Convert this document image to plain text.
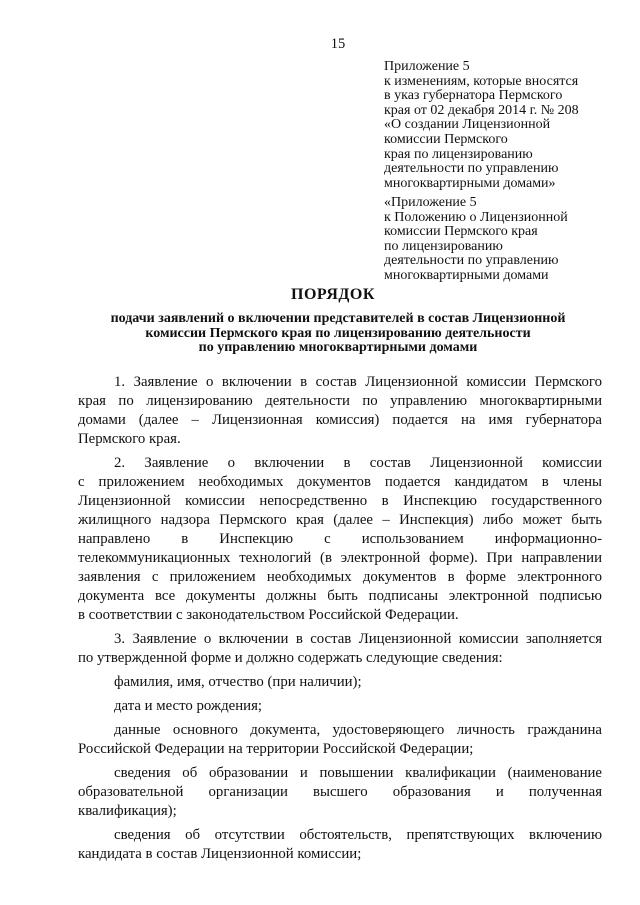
15
Приложение 5
к изменениям, которые вносятся
в указ губернатора Пермского
края от 02 декабря 2014 г. № 208
«О создании Лицензионной
комиссии Пермского
края по лицензированию
деятельности по управлению
многоквартирными домами»
«Приложение 5
к Положению о Лицензионной
комиссии Пермского края
по лицензированию
деятельности по управлению
многоквартирными домами
ПОРЯДОК
подачи заявлений о включении представителей в состав Лицензионной
комиссии Пермского края по лицензированию деятельности
по управлению многоквартирными домами
1. Заявление о включении в состав Лицензионной комиссии Пермского
края по лицензированию деятельности по управлению многоквартирными
домами (далее – Лицензионная комиссия) подается на имя губернатора
Пермского края.
2. Заявление о включении в состав Лицензионной комиссии
с приложением необходимых документов подается кандидатом в члены
Лицензионной комиссии непосредственно в Инспекцию государственного
жилищного надзора Пермского края (далее – Инспекция) либо может быть
направлено в Инспекцию с использованием информационно-
телекоммуникационных технологий (в электронной форме). При направлении
заявления с приложением необходимых документов в форме электронного
документа все документы должны быть подписаны электронной подписью
в соответствии с законодательством Российской Федерации.
3. Заявление о включении в состав Лицензионной комиссии заполняется
по утвержденной форме и должно содержать следующие сведения:
фамилия, имя, отчество (при наличии);
дата и место рождения;
данные основного документа, удостоверяющего личность гражданина
Российской Федерации на территории Российской Федерации;
сведения об образовании и повышении квалификации (наименование
образовательной организации высшего образования и полученная
квалификация);
сведения об отсутствии обстоятельств, препятствующих включению
кандидата в состав Лицензионной комиссии;
